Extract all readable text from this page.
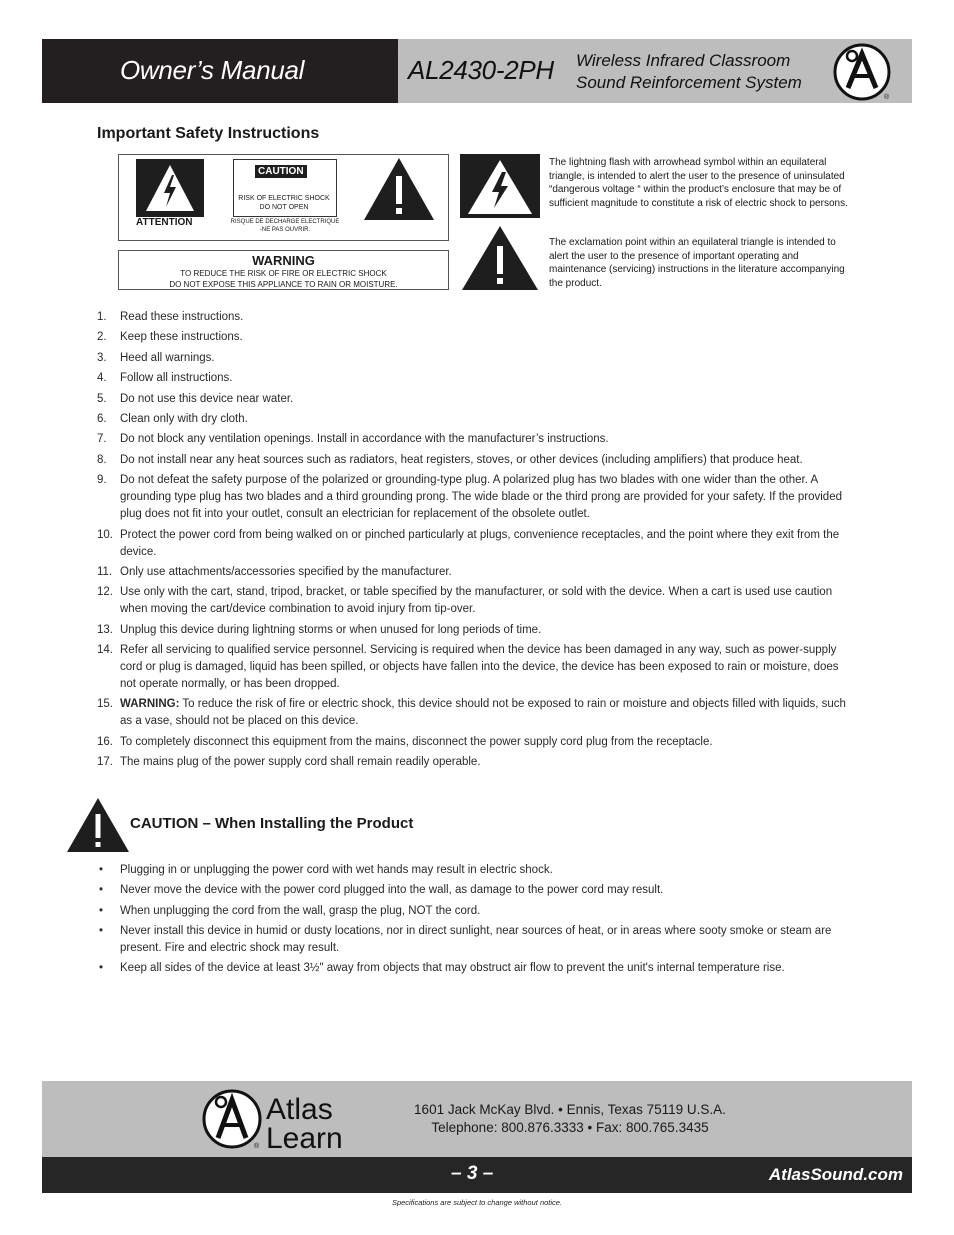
Owner’s Manual	AL2430-2PH Wireless Infrared Classroom
Sound Reinforcement System
®
Important Safety Instructions
ATTENTION
CAUTION
RISK OF ELECTRIC SHOCK
DO NOT OPEN
RISQUE DE DECHARGE ELECTRIQUE
-NE PAS OUVRIR.
WARNING
TO REDUCE THE RISK OF FIRE OR ELECTRIC SHOCK
DO NOT EXPOSE THIS APPLIANCE TO RAIN OR MOISTURE.
The lightning flash with arrowhead symbol within an equilateral triangle, is intended to alert the user to the presence of uninsulated “dangerous voltage “ within the product’s enclosure that may be of sufficient magnitude to constitute a risk of electric shock to persons.
The exclamation point within an equilateral triangle is intended to alert the user to the presence of important operating and maintenance (servicing) instructions in the literature accompanying the product.
1. Read these instructions.
2. Keep these instructions.
3. Heed all warnings.
4. Follow all instructions.
5. Do not use this device near water.
6. Clean only with dry cloth.
7. Do not block any ventilation openings. Install in accordance with the manufacturer’s instructions.
8. Do not install near any heat sources such as radiators, heat registers, stoves, or other devices (including amplifiers) that produce heat.
9. Do not defeat the safety purpose of the polarized or grounding-type plug. A polarized plug has two blades with one wider than the other. A grounding type plug has two blades and a third grounding prong. The wide blade or the third prong are provided for your safety. If the provided plug does not fit into your outlet, consult an electrician for replacement of the obsolete outlet.
10. Protect the power cord from being walked on or pinched particularly at plugs, convenience receptacles, and the point where they exit from the device.
11. Only use attachments/accessories specified by the manufacturer.
12. Use only with the cart, stand, tripod, bracket, or table specified by the manufacturer, or sold with the device. When a cart is used use caution when moving the cart/device combination to avoid injury from tip-over.
13. Unplug this device during lightning storms or when unused for long periods of time.
14. Refer all servicing to qualified service personnel. Servicing is required when the device has been damaged in any way, such as power-supply cord or plug is damaged, liquid has been spilled, or objects have fallen into the device, the device has been exposed to rain or moisture, does not operate normally, or has been dropped.
15. WARNING: To reduce the risk of fire or electric shock, this device should not be exposed to rain or moisture and objects filled with liquids, such as a vase, should not be placed on this device.
16. To completely disconnect this equipment from the mains, disconnect the power supply cord plug from the receptacle.
17. The mains plug of the power supply cord shall remain readily operable.
CAUTION – When Installing the Product
• Plugging in or unplugging the power cord with wet hands may result in electric shock.
• Never move the device with the power cord plugged into the wall, as damage to the power cord may result.
• When unplugging the cord from the wall, grasp the plug, NOT the cord.
• Never install this device in humid or dusty locations, nor in direct sunlight, near sources of heat, or in areas where sooty smoke or steam are present. Fire and electric shock may result.
• Keep all sides of the device at least 3½" away from objects that may obstruct air flow to prevent the unit's internal temperature rise.
Atlas
Learn
®
1601 Jack McKay Blvd. • Ennis, Texas 75119 U.S.A.
Telephone: 800.876.3333 • Fax: 800.765.3435
– 3 –	AtlasSound.com
Specifications are subject to change without notice.
